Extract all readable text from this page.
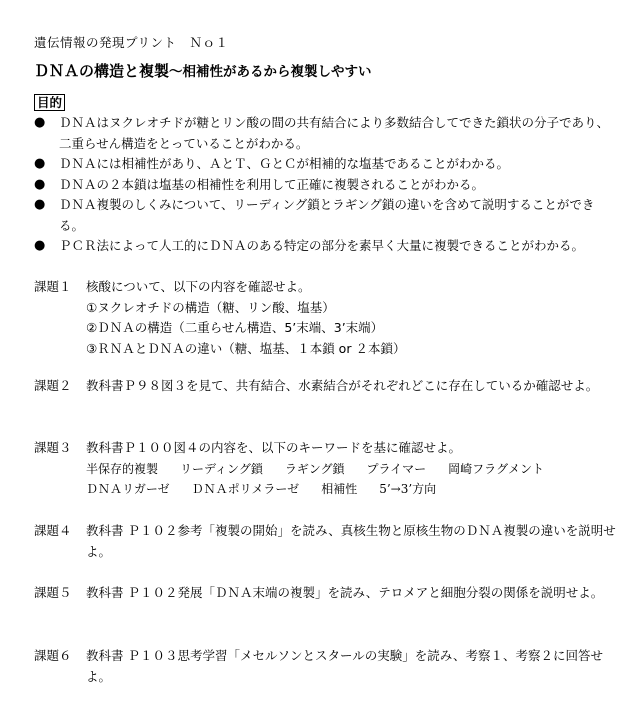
遺伝情報の発現プリント　Ｎｏ１
ＤＮＡの構造と複製～相補性があるから複製しやすい
目的
● ＤＮＡはヌクレオチドが糖とリン酸の間の共有結合により多数結合してできた鎖状の分子であり、二重らせん構造をとっていることがわかる。
● ＤＮＡには相補性があり、ＡとＴ、ＧとＣが相補的な塩基であることがわかる。
● ＤＮＡの２本鎖は塩基の相補性を利用して正確に複製されることがわかる。
● ＤＮＡ複製のしくみについて、リーディング鎖とラギング鎖の違いを含めて説明することができる。
● ＰＣＲ法によって人工的にＤＮＡのある特定の部分を素早く大量に複製できることがわかる。
課題１	核酸について、以下の内容を確認せよ。
①ヌクレオチドの構造（糖、リン酸、塩基）
②ＤＮＡの構造（二重らせん構造、5’末端、3’末端）
③ＲＮＡとＤＮＡの違い（糖、塩基、１本鎖 or ２本鎖）
課題２	教科書Ｐ９８図３を見て、共有結合、水素結合がそれぞれどこに存在しているか確認せよ。
課題３	教科書Ｐ１００図４の内容を、以下のキーワードを基に確認せよ。
半保存的複製 リーディング鎖 ラギング鎖 プライマー 岡崎フラグメント
ＤＮＡリガーゼ ＤＮＡポリメラーゼ 相補性 5’→3’方向
課題４	教科書 Ｐ１０２参考「複製の開始」を読み、真核生物と原核生物のＤＮＡ複製の違いを説明せよ。
課題５	教科書 Ｐ１０２発展「ＤＮＡ末端の複製」を読み、テロメアと細胞分裂の関係を説明せよ。
課題６	教科書 Ｐ１０３思考学習「メセルソンとスタールの実験」を読み、考察１、考察２に回答せよ。
